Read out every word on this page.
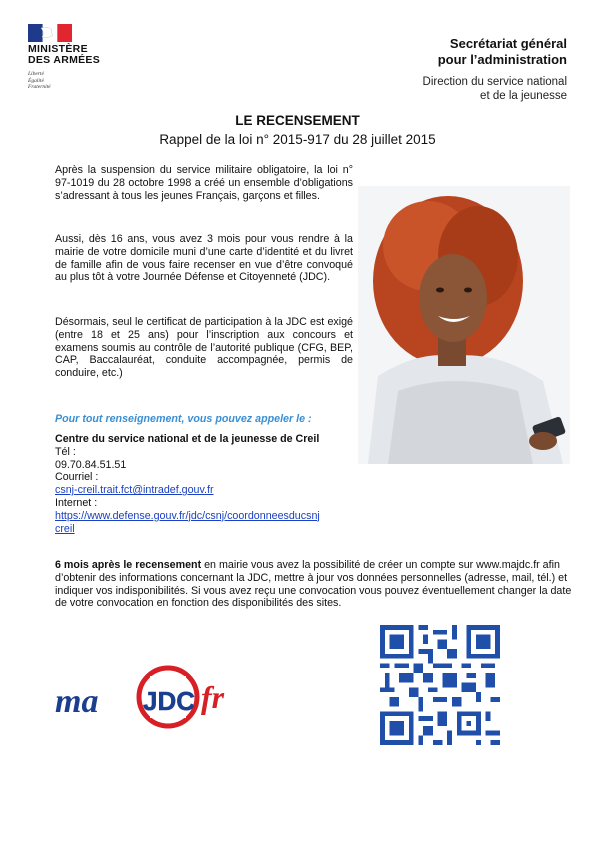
MINISTÈRE
DES ARMÉES
Liberté
Égalité
Fraternité
Secrétariat général
pour l’administration
Direction du service national
et de la jeunesse
LE RECENSEMENT
Rappel de la loi n° 2015-917 du 28 juillet 2015
Après la suspension du service militaire obligatoire, la loi n° 97-1019 du 28 octobre 1998 a créé un ensemble d’obligations s’adressant à tous les jeunes Français, garçons et filles.
Aussi, dès 16 ans, vous avez 3 mois pour vous rendre à la mairie de votre domicile muni d’une carte d’identité et du livret de famille afin de vous faire recenser en vue d’être convoqué au plus tôt à votre Journée Défense et Citoyenneté (JDC).
Désormais, seul le certificat de participation à la JDC est exigé (entre 18 et 25 ans) pour l’inscription aux concours et examens soumis au contrôle de l’autorité publique (CFG, BEP, CAP, Baccalauréat, conduite accompagnée, permis de conduire, etc.)
Pour tout renseignement, vous pouvez appeler le :
Centre du service national et de la jeunesse de Creil
Tél :
09.70.84.51.51
Courriel :
csnj-creil.trait.fct@intradef.gouv.fr
Internet :
https://www.defense.gouv.fr/jdc/csnj/coordonneesducsnj
creil
6 mois après le recensement en mairie vous avez la possibilité de créer un compte sur www.majdc.fr afin d’obtenir des informations concernant la JDC, mettre à jour vos données personnelles (adresse, mail, tél.) et indiquer vos indisponibilités. Si vous avez reçu une convocation vous pouvez éventuellement changer la date de votre convocation en fonction des disponibilités des sites.
ma JDC
.fr
